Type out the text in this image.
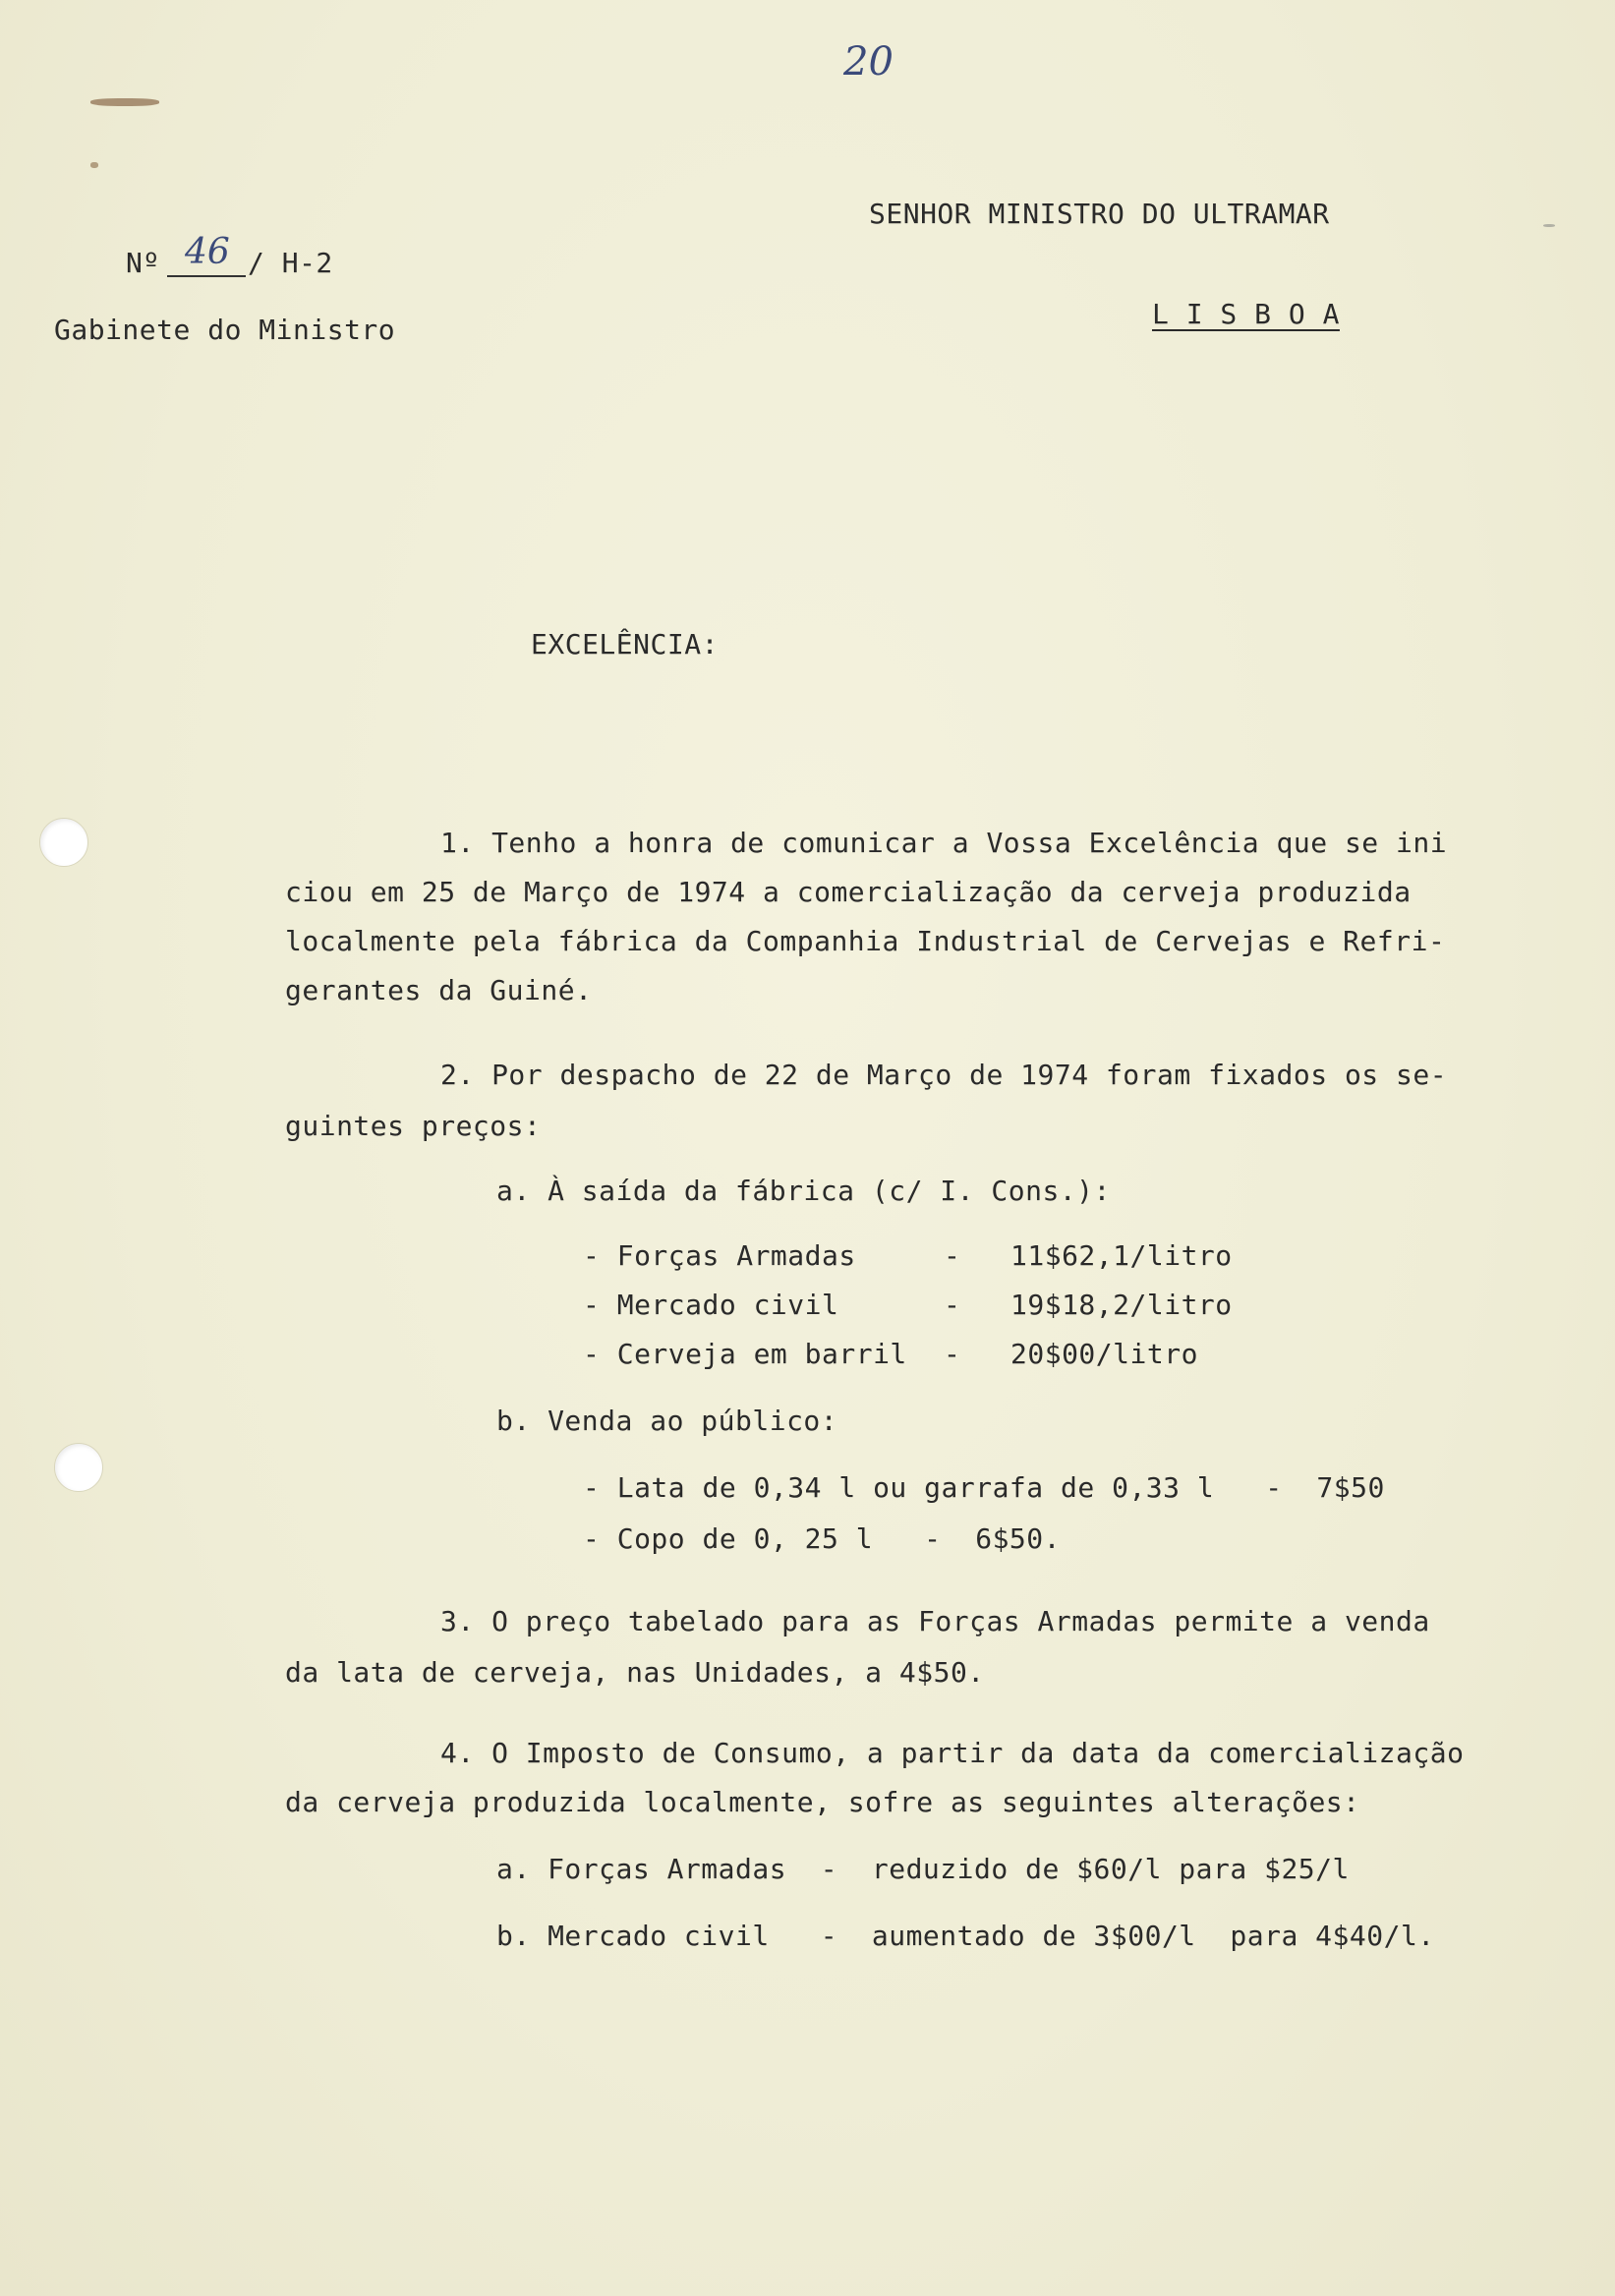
20
Nº 46 / H-2
Gabinete do Ministro
SENHOR MINISTRO DO ULTRAMAR
L I S B O A
EXCELÊNCIA:
1. Tenho a honra de comunicar a Vossa Excelência que se ini
ciou em 25 de Março de 1974 a comercialização da cerveja produzida
localmente pela fábrica da Companhia Industrial de Cervejas e Refri-
gerantes da Guiné.
2. Por despacho de 22 de Março de 1974 foram fixados os se-
guintes preços:
a. À saída da fábrica (c/ I. Cons.):
- Forças Armadas	- 11$62,1/litro
- Mercado civil	- 19$18,2/litro
- Cerveja em barril - 20$00/litro
b. Venda ao público:
- Lata de 0,34 l ou garrafa de 0,33 l   -  7$50
- Copo de 0, 25 l   -  6$50.
3. O preço tabelado para as Forças Armadas permite a venda
da lata de cerveja, nas Unidades, a 4$50.
4. O Imposto de Consumo, a partir da data da comercialização
da cerveja produzida localmente, sofre as seguintes alterações:
a. Forças Armadas  -  reduzido de $60/l para $25/l
b. Mercado civil   -  aumentado de 3$00/l  para 4$40/l.
